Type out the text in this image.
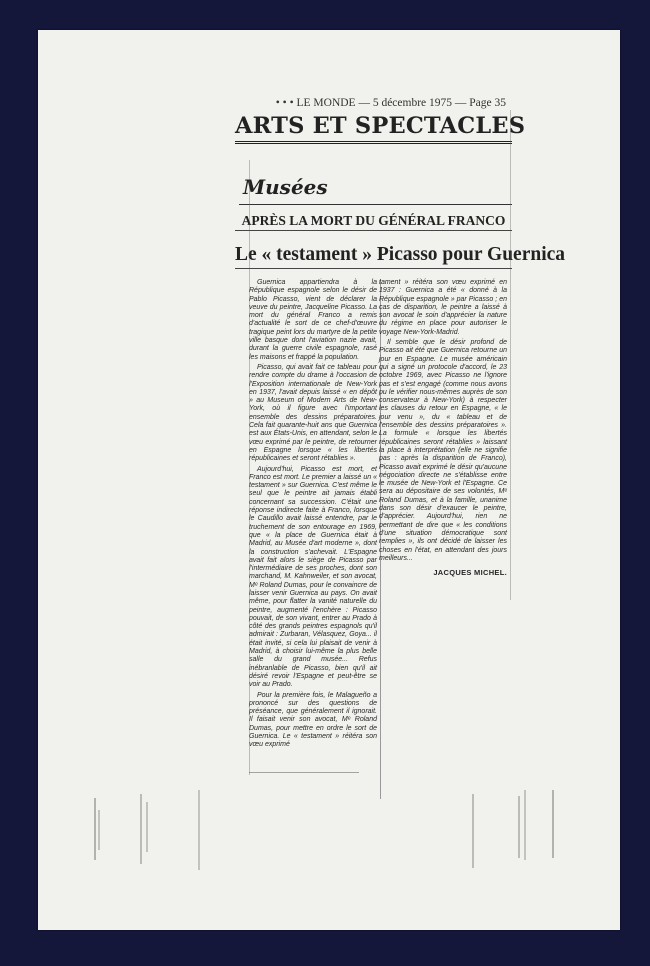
• • • LE MONDE — 5 décembre 1975 — Page 35
ARTS ET SPECTACLES
Musées
APRÈS LA MORT DU GÉNÉRAL FRANCO
Le « testament » Picasso pour Guernica

Guernica appartiendra à la République espagnole selon le désir de Pablo Picasso, vient de déclarer la veuve du peintre, Jacqueline Picasso. La mort du général Franco a remis d'actualité le sort de ce chef-d'œuvre tragique peint lors du martyre de la petite ville basque dont l'aviation nazie avait, durant la guerre civile espagnole, rasé les maisons et frappé la population.

Picasso, qui avait fait ce tableau pour rendre compte du drame à l'occasion de l'Exposition internationale de New-York en 1937, l'avait depuis laissé « en dépôt » au Museum of Modern Arts de New-York, où il figure avec l'important ensemble des dessins préparatoires. Cela fait quarante-huit ans que Guernica est aux États-Unis, en attendant, selon le vœu exprimé par le peintre, de retourner en Espagne lorsque « les libertés républicaines et seront rétablies ».

Aujourd'hui, Picasso est mort, et Franco est mort. Le premier a laissé un « testament » sur Guernica. C'est même le seul que le peintre ait jamais établi concernant sa succession. C'était une réponse indirecte faite à Franco, lorsque le Caudillo avait laissé entendre, par le truchement de son entourage en 1969, que « la place de Guernica était à Madrid, au Musée d'art moderne », dont la construction s'achevait. L'Espagne avait fait alors le siège de Picasso par l'intermédiaire de ses proches, dont son marchand, M. Kahnweiler, et son avocat, Mᵉ Roland Dumas, pour le convaincre de laisser venir Guernica au pays. On avait même, pour flatter la vanité naturelle du peintre, augmenté l'enchère : Picasso pouvait, de son vivant, entrer au Prado à côté des grands peintres espagnols qu'il admirait : Zurbaran, Vélasquez, Goya... il était invité, si cela lui plaisait de venir à Madrid, à choisir lui-même la plus belle salle du grand musée... Refus inébranlable de Picasso, bien qu'il ait désiré revoir l'Espagne et peut-être se voir au Prado.

Pour la première fois, le Malagueño a prononcé sur des questions de préséance, que généralement il ignorait. Il faisait venir son avocat, Mᵉ Roland Dumas, pour mettre en ordre le sort de Guernica. Le « testament » réitéra son vœu exprimé

tament » réitéra son vœu exprimé en 1937 : Guernica a été « donné à la République espagnole » par Picasso ; en cas de disparition, le peintre a laissé à son avocat le soin d'apprécier la nature du régime en place pour autoriser le voyage New-York-Madrid.

Il semble que le désir profond de Picasso ait été que Guernica retourne un jour en Espagne. Le musée américain qui a signé un protocole d'accord, le 23 octobre 1969, avec Picasso ne l'ignore pas et s'est engagé (comme nous avons pu le vérifier nous-mêmes auprès de son conservateur à New-York) à respecter les clauses du retour en Espagne, « le jour venu », du « tableau et de l'ensemble des dessins préparatoires ». La formule « lorsque les libertés républicaines seront rétablies » laissant la place à interprétation (elle ne signifie pas : après la disparition de Franco), Picasso avait exprimé le désir qu'aucune négociation directe ne s'établisse entre le musée de New-York et l'Espagne. Ce sera au dépositaire de ses volontés, Mᵉ Roland Dumas, et à la famille, unanime dans son désir d'exaucer le peintre, d'apprécier. Aujourd'hui, rien ne permettant de dire que « les conditions d'une situation démocratique sont remplies », ils ont décidé de laisser les choses en l'état, en attendant des jours meilleurs...

JACQUES MICHEL.
